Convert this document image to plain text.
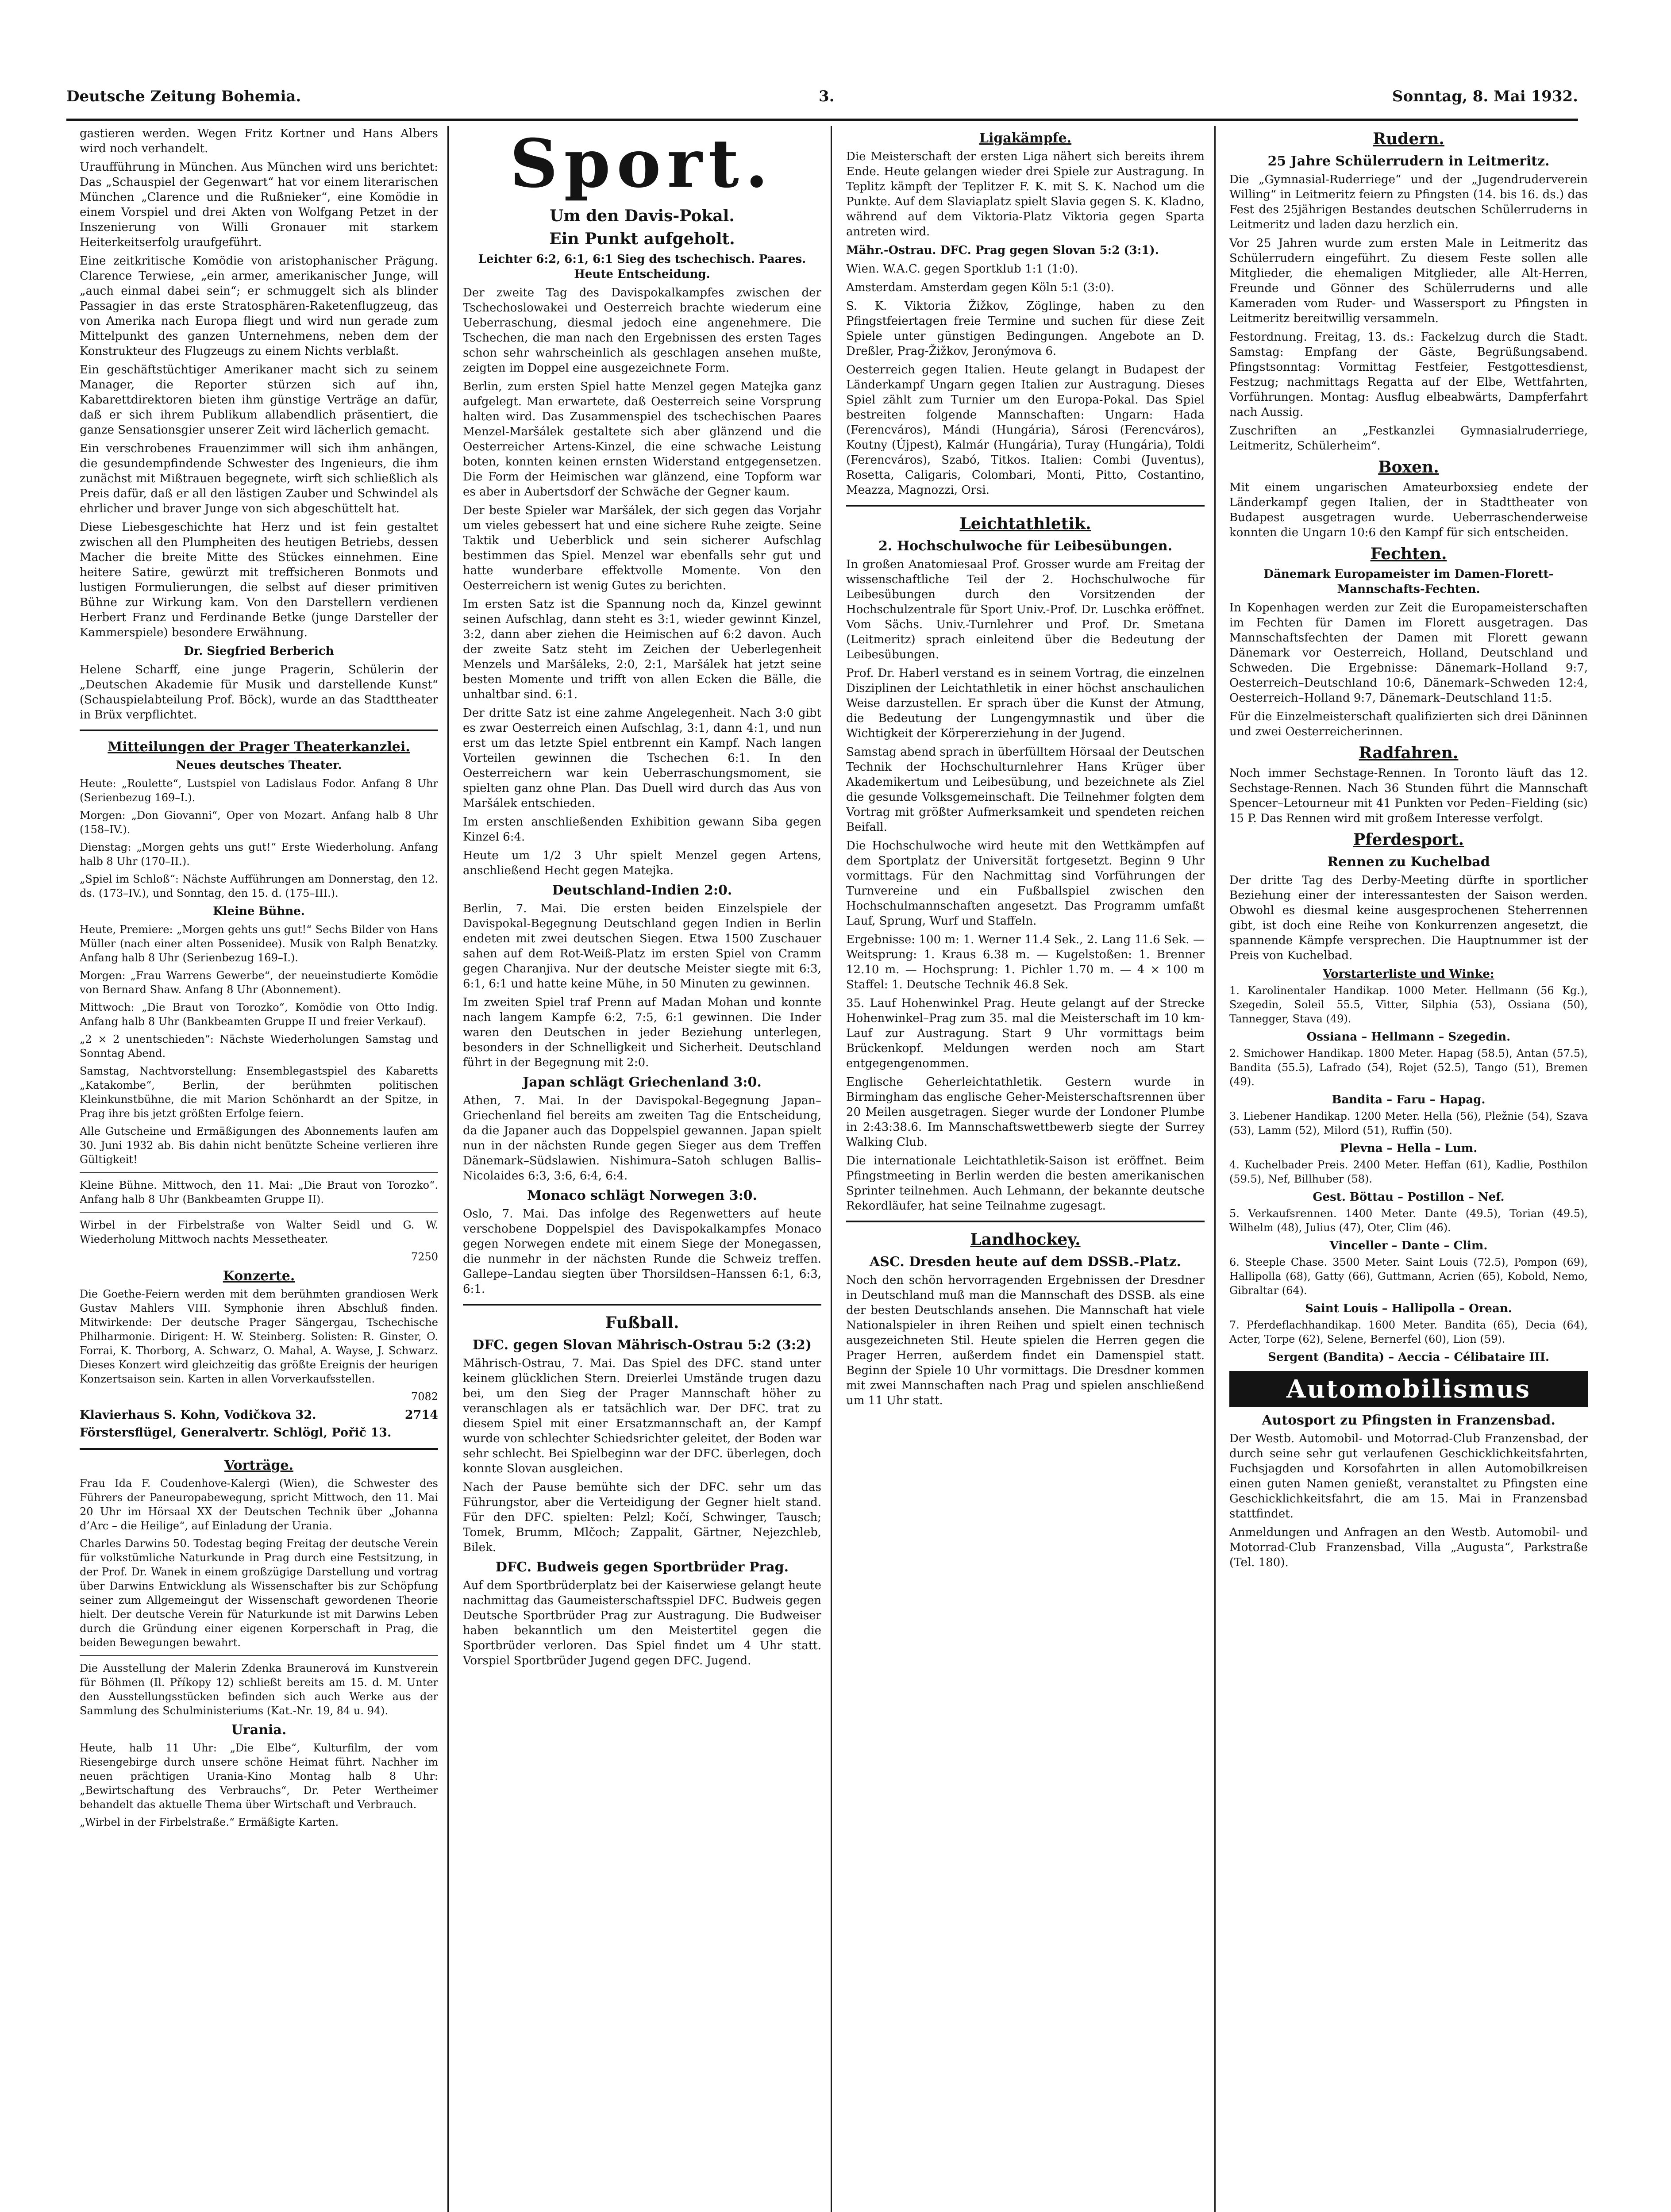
Deutsche Zeitung Bohemia.	3.	Sonntag, 8. Mai 1932.

gastieren werden. Wegen Fritz Kortner und Hans Albers wird noch verhandelt.

Uraufführung in München. Aus München wird uns berichtet: Das „Schauspiel der Gegenwart“ hat vor einem literarischen München „Clarence und die Rußnieker“, eine Komödie in einem Vorspiel und drei Akten von Wolfgang Petzet in der Inszenierung von Willi Gronauer mit starkem Heiterkeitserfolg uraufgeführt.

Eine zeitkritische Komödie von aristophanischer Prägung. Clarence Terwiese, „ein armer, amerikanischer Junge, will „auch einmal dabei sein“; er schmuggelt sich als blinder Passagier in das erste Stratosphären-Raketenflugzeug, das von Amerika nach Europa fliegt und wird nun gerade zum Mittelpunkt des ganzen Unternehmens, neben dem der Konstrukteur des Flugzeugs zu einem Nichts verblaßt.

Ein geschäftstüchtiger Amerikaner macht sich zu seinem Manager, die Reporter stürzen sich auf ihn, Kabarettdirektoren bieten ihm günstige Verträge an dafür, daß er sich ihrem Publikum allabendlich präsentiert, die ganze Sensationsgier unserer Zeit wird lächerlich gemacht.

Ein verschrobenes Frauenzimmer will sich ihm anhängen, die gesundempfindende Schwester des Ingenieurs, die ihm zunächst mit Mißtrauen begegnete, wirft sich schließlich als Preis dafür, daß er all den lästigen Zauber und Schwindel als ehrlicher und braver Junge von sich abgeschüttelt hat.

Diese Liebesgeschichte hat Herz und ist fein gestaltet zwischen all den Plumpheiten des heutigen Betriebs, dessen Macher die breite Mitte des Stückes einnehmen. Eine heitere Satire, gewürzt mit treffsicheren Bonmots und lustigen Formulierungen, die selbst auf dieser primitiven Bühne zur Wirkung kam. Von den Darstellern verdienen Herbert Franz und Ferdinande Betke (junge Darsteller der Kammerspiele) besondere Erwähnung.

Dr. Siegfried Berberich

Helene Scharff, eine junge Pragerin, Schülerin der „Deutschen Akademie für Musik und darstellende Kunst“ (Schauspielabteilung Prof. Böck), wurde an das Stadttheater in Brüx verpflichtet.

Mitteilungen der Prager Theaterkanzlei.
Neues deutsches Theater.

Heute: „Roulette“, Lustspiel von Ladislaus Fodor. Anfang 8 Uhr (Serienbezug 169–I.).

Morgen: „Don Giovanni“, Oper von Mozart. Anfang halb 8 Uhr (158–IV.).

Dienstag: „Morgen gehts uns gut!“ Erste Wiederholung. Anfang halb 8 Uhr (170–II.).

„Spiel im Schloß“: Nächste Aufführungen am Donnerstag, den 12. ds. (173–IV.), und Sonntag, den 15. d. (175–III.).

Kleine Bühne.

Heute, Premiere: „Morgen gehts uns gut!“ Sechs Bilder von Hans Müller (nach einer alten Possenidee). Musik von Ralph Benatzky. Anfang halb 8 Uhr (Serienbezug 169–I.).

Morgen: „Frau Warrens Gewerbe“, der neueinstudierte Komödie von Bernard Shaw. Anfang 8 Uhr (Abonnement).

Mittwoch: „Die Braut von Torozko“, Komödie von Otto Indig. Anfang halb 8 Uhr (Bankbeamten Gruppe II und freier Verkauf).

„2 × 2 unentschieden“: Nächste Wiederholungen Samstag und Sonntag Abend.

Samstag, Nachtvorstellung: Ensemblegastspiel des Kabaretts „Katakombe“, Berlin, der berühmten politischen Kleinkunstbühne, die mit Marion Schönhardt an der Spitze, in Prag ihre bis jetzt größten Erfolge feiern.

Alle Gutscheine und Ermäßigungen des Abonnements laufen am 30. Juni 1932 ab. Bis dahin nicht benützte Scheine verlieren ihre Gültigkeit!

Kleine Bühne. Mittwoch, den 11. Mai: „Die Braut von Torozko“. Anfang halb 8 Uhr (Bankbeamten Gruppe II).

Wirbel in der Firbelstraße von Walter Seidl und G. W. Wiederholung Mittwoch nachts Messetheater.

7250

Konzerte.

Die Goethe-Feiern werden mit dem berühmten grandiosen Werk Gustav Mahlers VIII. Symphonie ihren Abschluß finden. Mitwirkende: Der deutsche Prager Sängergau, Tschechische Philharmonie. Dirigent: H. W. Steinberg. Solisten: R. Ginster, O. Forrai, K. Thorborg, A. Schwarz, O. Mahal, A. Wayse, J. Schwarz. Dieses Konzert wird gleichzeitig das größte Ereignis der heurigen Konzertsaison sein. Karten in allen Vorverkaufsstellen.

7082

Klavierhaus S. Kohn, Vodičkova 32.	2714

Förstersflügel, Generalvertr. Schlögl, Pořič 13.

Vorträge.

Frau Ida F. Coudenhove-Kalergi (Wien), die Schwester des Führers der Paneuropabewegung, spricht Mittwoch, den 11. Mai 20 Uhr im Hörsaal XX der Deutschen Technik über „Johanna d’Arc – die Heilige“, auf Einladung der Urania.

Charles Darwins 50. Todestag beging Freitag der deutsche Verein für volkstümliche Naturkunde in Prag durch eine Festsitzung, in der Prof. Dr. Wanek in einem großzügige Darstellung und vortrag über Darwins Entwicklung als Wissenschafter bis zur Schöpfung seiner zum Allgemeingut der Wissenschaft gewordenen Theorie hielt. Der deutsche Verein für Naturkunde ist mit Darwins Leben durch die Gründung einer eigenen Korperschaft in Prag, die beiden Bewegungen bewahrt.

Die Ausstellung der Malerin Zdenka Braunerová im Kunstverein für Böhmen (Il. Příkopy 12) schließt bereits am 15. d. M. Unter den Ausstellungsstücken befinden sich auch Werke aus der Sammlung des Schulministeriums (Kat.-Nr. 19, 84 u. 94).

Urania.

Heute, halb 11 Uhr: „Die Elbe“, Kulturfilm, der vom Riesengebirge durch unsere schöne Heimat führt. Nachher im neuen prächtigen Urania-Kino Montag halb 8 Uhr: „Bewirtschaftung des Verbrauchs“, Dr. Peter Wertheimer behandelt das aktuelle Thema über Wirtschaft und Verbrauch.

„Wirbel in der Firbelstraße.“ Ermäßigte Karten.

Sport.
Um den Davis-Pokal.
Ein Punkt aufgeholt.
Leichter 6:2, 6:1, 6:1 Sieg des tschechisch. Paares. Heute Entscheidung.

Der zweite Tag des Davispokalkampfes zwischen der Tschechoslowakei und Oesterreich brachte wiederum eine Ueberraschung, diesmal jedoch eine angenehmere. Die Tschechen, die man nach den Ergebnissen des ersten Tages schon sehr wahrscheinlich als geschlagen ansehen mußte, zeigten im Doppel eine ausgezeichnete Form.

Berlin, zum ersten Spiel hatte Menzel gegen Matejka ganz aufgelegt. Man erwartete, daß Oesterreich seine Vorsprung halten wird. Das Zusammenspiel des tschechischen Paares Menzel-Maršálek gestaltete sich aber glänzend und die Oesterreicher Artens-Kinzel, die eine schwache Leistung boten, konnten keinen ernsten Widerstand entgegensetzen. Die Form der Heimischen war glänzend, eine Topform war es aber in Aubertsdorf der Schwäche der Gegner kaum.

Der beste Spieler war Maršálek, der sich gegen das Vorjahr um vieles gebessert hat und eine sichere Ruhe zeigte. Seine Taktik und Ueberblick und sein sicherer Aufschlag bestimmen das Spiel. Menzel war ebenfalls sehr gut und hatte wunderbare effektvolle Momente. Von den Oesterreichern ist wenig Gutes zu berichten.

Im ersten Satz ist die Spannung noch da, Kinzel gewinnt seinen Aufschlag, dann steht es 3:1, wieder gewinnt Kinzel, 3:2, dann aber ziehen die Heimischen auf 6:2 davon. Auch der zweite Satz steht im Zeichen der Ueberlegenheit Menzels und Maršáleks, 2:0, 2:1, Maršálek hat jetzt seine besten Momente und trifft von allen Ecken die Bälle, die unhaltbar sind. 6:1.

Der dritte Satz ist eine zahme Angelegenheit. Nach 3:0 gibt es zwar Oesterreich einen Aufschlag, 3:1, dann 4:1, und nun erst um das letzte Spiel entbrennt ein Kampf. Nach langen Vorteilen gewinnen die Tschechen 6:1. In den Oesterreichern war kein Ueberraschungsmoment, sie spielten ganz ohne Plan. Das Duell wird durch das Aus von Maršálek entschieden.

Im ersten anschließenden Exhibition gewann Siba gegen Kinzel 6:4.

Heute um 1/2 3 Uhr spielt Menzel gegen Artens, anschließend Hecht gegen Matejka.

Deutschland-Indien 2:0.

Berlin, 7. Mai. Die ersten beiden Einzelspiele der Davispokal-Begegnung Deutschland gegen Indien in Berlin endeten mit zwei deutschen Siegen. Etwa 1500 Zuschauer sahen auf dem Rot-Weiß-Platz im ersten Spiel von Cramm gegen Charanjiva. Nur der deutsche Meister siegte mit 6:3, 6:1, 6:1 und hatte keine Mühe, in 50 Minuten zu gewinnen.

Im zweiten Spiel traf Prenn auf Madan Mohan und konnte nach langem Kampfe 6:2, 7:5, 6:1 gewinnen. Die Inder waren den Deutschen in jeder Beziehung unterlegen, besonders in der Schnelligkeit und Sicherheit. Deutschland führt in der Begegnung mit 2:0.

Japan schlägt Griechenland 3:0.

Athen, 7. Mai. In der Davispokal-Begegnung Japan–Griechenland fiel bereits am zweiten Tag die Entscheidung, da die Japaner auch das Doppelspiel gewannen. Japan spielt nun in der nächsten Runde gegen Sieger aus dem Treffen Dänemark–Südslawien. Nishimura–Satoh schlugen Ballis–Nicolaides 6:3, 3:6, 6:4, 6:4.

Monaco schlägt Norwegen 3:0.

Oslo, 7. Mai. Das infolge des Regenwetters auf heute verschobene Doppelspiel des Davispokalkampfes Monaco gegen Norwegen endete mit einem Siege der Monegassen, die nunmehr in der nächsten Runde die Schweiz treffen. Gallepe–Landau siegten über Thorsildsen–Hanssen 6:1, 6:3, 6:1.

Fußball.
DFC. gegen Slovan Mährisch-Ostrau 5:2 (3:2)

Mährisch-Ostrau, 7. Mai. Das Spiel des DFC. stand unter keinem glücklichen Stern. Dreierlei Umstände trugen dazu bei, um den Sieg der Prager Mannschaft höher zu veranschlagen als er tatsächlich war. Der DFC. trat zu diesem Spiel mit einer Ersatzmannschaft an, der Kampf wurde von schlechter Schiedsrichter geleitet, der Boden war sehr schlecht. Bei Spielbeginn war der DFC. überlegen, doch konnte Slovan ausgleichen.

Nach der Pause bemühte sich der DFC. sehr um das Führungstor, aber die Verteidigung der Gegner hielt stand. Für den DFC. spielten: Pelzl; Kočí, Schwinger, Tausch; Tomek, Brumm, Mlčoch; Zappalit, Gärtner, Nejezchleb, Bilek.

DFC. Budweis gegen Sportbrüder Prag.

Auf dem Sportbrüderplatz bei der Kaiserwiese gelangt heute nachmittag das Gaumeisterschaftsspiel DFC. Budweis gegen Deutsche Sportbrüder Prag zur Austragung. Die Budweiser haben bekanntlich um den Meistertitel gegen die Sportbrüder verloren. Das Spiel findet um 4 Uhr statt. Vorspiel Sportbrüder Jugend gegen DFC. Jugend.

Ligakämpfe.

Die Meisterschaft der ersten Liga nähert sich bereits ihrem Ende. Heute gelangen wieder drei Spiele zur Austragung. In Teplitz kämpft der Teplitzer F. K. mit S. K. Nachod um die Punkte. Auf dem Slaviaplatz spielt Slavia gegen S. K. Kladno, während auf dem Viktoria-Platz Viktoria gegen Sparta antreten wird.

Mähr.-Ostrau. DFC. Prag gegen Slovan 5:2 (3:1).

Wien. W.A.C. gegen Sportklub 1:1 (1:0).

Amsterdam. Amsterdam gegen Köln 5:1 (3:0).

S. K. Viktoria Žižkov, Zöglinge, haben zu den Pfingstfeiertagen freie Termine und suchen für diese Zeit Spiele unter günstigen Bedingungen. Angebote an D. Dreßler, Prag-Žižkov, Jeronýmova 6.

Oesterreich gegen Italien. Heute gelangt in Budapest der Länderkampf Ungarn gegen Italien zur Austragung. Dieses Spiel zählt zum Turnier um den Europa-Pokal. Das Spiel bestreiten folgende Mannschaften: Ungarn: Hada (Ferencváros), Mándi (Hungária), Sárosi (Ferencváros), Koutny (Újpest), Kalmár (Hungária), Turay (Hungária), Toldi (Ferencváros), Szabó, Titkos. Italien: Combi (Juventus), Rosetta, Caligaris, Colombari, Monti, Pitto, Costantino, Meazza, Magnozzi, Orsi.

Leichtathletik.
2. Hochschulwoche für Leibesübungen.

In großen Anatomiesaal Prof. Grosser wurde am Freitag der wissenschaftliche Teil der 2. Hochschulwoche für Leibesübungen durch den Vorsitzenden der Hochschulzentrale für Sport Univ.-Prof. Dr. Luschka eröffnet. Vom Sächs. Univ.-Turnlehrer und Prof. Dr. Smetana (Leitmeritz) sprach einleitend über die Bedeutung der Leibesübungen.

Prof. Dr. Haberl verstand es in seinem Vortrag, die einzelnen Disziplinen der Leichtathletik in einer höchst anschaulichen Weise darzustellen. Er sprach über die Kunst der Atmung, die Bedeutung der Lungengymnastik und über die Wichtigkeit der Körpererziehung in der Jugend.

Samstag abend sprach in überfülltem Hörsaal der Deutschen Technik der Hochschulturnlehrer Hans Krüger über Akademikertum und Leibesübung, und bezeichnete als Ziel die gesunde Volksgemeinschaft. Die Teilnehmer folgten dem Vortrag mit größter Aufmerksamkeit und spendeten reichen Beifall.

Die Hochschulwoche wird heute mit den Wettkämpfen auf dem Sportplatz der Universität fortgesetzt. Beginn 9 Uhr vormittags. Für den Nachmittag sind Vorführungen der Turnvereine und ein Fußballspiel zwischen den Hochschulmannschaften angesetzt. Das Programm umfaßt Lauf, Sprung, Wurf und Staffeln.

Ergebnisse: 100 m: 1. Werner 11.4 Sek., 2. Lang 11.6 Sek. — Weitsprung: 1. Kraus 6.38 m. — Kugelstoßen: 1. Brenner 12.10 m. — Hochsprung: 1. Pichler 1.70 m. — 4 × 100 m Staffel: 1. Deutsche Technik 46.8 Sek.

35. Lauf Hohenwinkel Prag. Heute gelangt auf der Strecke Hohenwinkel–Prag zum 35. mal die Meisterschaft im 10 km-Lauf zur Austragung. Start 9 Uhr vormittags beim Brückenkopf. Meldungen werden noch am Start entgegengenommen.

Englische Geherleichtathletik. Gestern wurde in Birmingham das englische Geher-Meisterschaftsrennen über 20 Meilen ausgetragen. Sieger wurde der Londoner Plumbe in 2:43:38.6. Im Mannschaftswettbewerb siegte der Surrey Walking Club.

Die internationale Leichtathletik-Saison ist eröffnet. Beim Pfingstmeeting in Berlin werden die besten amerikanischen Sprinter teilnehmen. Auch Lehmann, der bekannte deutsche Rekordläufer, hat seine Teilnahme zugesagt.

Landhockey.
ASC. Dresden heute auf dem DSSB.-Platz.

Noch den schön hervorragenden Ergebnissen der Dresdner in Deutschland muß man die Mannschaft des DSSB. als eine der besten Deutschlands ansehen. Die Mannschaft hat viele Nationalspieler in ihren Reihen und spielt einen technisch ausgezeichneten Stil. Heute spielen die Herren gegen die Prager Herren, außerdem findet ein Damenspiel statt. Beginn der Spiele 10 Uhr vormittags. Die Dresdner kommen mit zwei Mannschaften nach Prag und spielen anschließend um 11 Uhr statt.

Rudern.
25 Jahre Schülerrudern in Leitmeritz.

Die „Gymnasial-Ruderriege“ und der „Jugendruderverein Willing“ in Leitmeritz feiern zu Pfingsten (14. bis 16. ds.) das Fest des 25jährigen Bestandes deutschen Schülerruderns in Leitmeritz und laden dazu herzlich ein.

Vor 25 Jahren wurde zum ersten Male in Leitmeritz das Schülerrudern eingeführt. Zu diesem Feste sollen alle Mitglieder, die ehemaligen Mitglieder, alle Alt-Herren, Freunde und Gönner des Schülerruderns und alle Kameraden vom Ruder- und Wassersport zu Pfingsten in Leitmeritz bereitwillig versammeln.

Festordnung. Freitag, 13. ds.: Fackelzug durch die Stadt. Samstag: Empfang der Gäste, Begrüßungsabend. Pfingstsonntag: Vormittag Festfeier, Festgottesdienst, Festzug; nachmittags Regatta auf der Elbe, Wettfahrten, Vorführungen. Montag: Ausflug elbeabwärts, Dampferfahrt nach Aussig.

Zuschriften an „Festkanzlei Gymnasialruderriege, Leitmeritz, Schülerheim“.

Boxen.

Mit einem ungarischen Amateurboxsieg endete der Länderkampf gegen Italien, der in Stadttheater von Budapest ausgetragen wurde. Ueberraschenderweise konnten die Ungarn 10:6 den Kampf für sich entscheiden.

Fechten.
Dänemark Europameister im Damen-Florett-Mannschafts-Fechten.

In Kopenhagen werden zur Zeit die Europameisterschaften im Fechten für Damen im Florett ausgetragen. Das Mannschaftsfechten der Damen mit Florett gewann Dänemark vor Oesterreich, Holland, Deutschland und Schweden. Die Ergebnisse: Dänemark–Holland 9:7, Oesterreich–Deutschland 10:6, Dänemark–Schweden 12:4, Oesterreich–Holland 9:7, Dänemark–Deutschland 11:5.

Für die Einzelmeisterschaft qualifizierten sich drei Däninnen und zwei Oesterreicherinnen.

Radfahren.

Noch immer Sechstage-Rennen. In Toronto läuft das 12. Sechstage-Rennen. Nach 36 Stunden führt die Mannschaft Spencer–Letourneur mit 41 Punkten vor Peden–Fielding (sic) 15 P. Das Rennen wird mit großem Interesse verfolgt.

Pferdesport.
Rennen zu Kuchelbad

Der dritte Tag des Derby-Meeting dürfte in sportlicher Beziehung einer der interessantesten der Saison werden. Obwohl es diesmal keine ausgesprochenen Steherrennen gibt, ist doch eine Reihe von Konkurrenzen angesetzt, die spannende Kämpfe versprechen. Die Hauptnummer ist der Preis von Kuchelbad.

Vorstarterliste und Winke:

1. Karolinentaler Handikap. 1000 Meter. Hellmann (56 Kg.), Szegedin, Soleil 55.5, Vitter, Silphia (53), Ossiana (50), Tannegger, Stava (49).

Ossiana – Hellmann – Szegedin.

2. Smichower Handikap. 1800 Meter. Hapag (58.5), Antan (57.5), Bandita (55.5), Lafrado (54), Rojet (52.5), Tango (51), Bremen (49).

Bandita – Faru – Hapag.

3. Liebener Handikap. 1200 Meter. Hella (56), Pležnie (54), Szava (53), Lamm (52), Milord (51), Ruffin (50).

Plevna – Hella – Lum.

4. Kuchelbader Preis. 2400 Meter. Heffan (61), Kadlie, Posthilon (59.5), Nef, Billhuber (58).

Gest. Böttau – Postillon – Nef.

5. Verkaufsrennen. 1400 Meter. Dante (49.5), Torian (49.5), Wilhelm (48), Julius (47), Oter, Clim (46).

Vinceller – Dante – Clim.

6. Steeple Chase. 3500 Meter. Saint Louis (72.5), Pompon (69), Hallipolla (68), Gatty (66), Guttmann, Acrien (65), Kobold, Nemo, Gibraltar (64).

Saint Louis – Hallipolla – Orean.

7. Pferdeflachhandikap. 1600 Meter. Bandita (65), Decia (64), Acter, Torpe (62), Selene, Bernerfel (60), Lion (59).

Sergent (Bandita) – Aeccia – Célibataire III.
Automobilismus
Autosport zu Pfingsten in Franzensbad.

Der Westb. Automobil- und Motorrad-Club Franzensbad, der durch seine sehr gut verlaufenen Geschicklichkeitsfahrten, Fuchsjagden und Korsofahrten in allen Automobilkreisen einen guten Namen genießt, veranstaltet zu Pfingsten eine Geschicklichkeitsfahrt, die am 15. Mai in Franzensbad stattfindet.

Anmeldungen und Anfragen an den Westb. Automobil- und Motorrad-Club Franzensbad, Villa „Augusta“, Parkstraße (Tel. 180).
